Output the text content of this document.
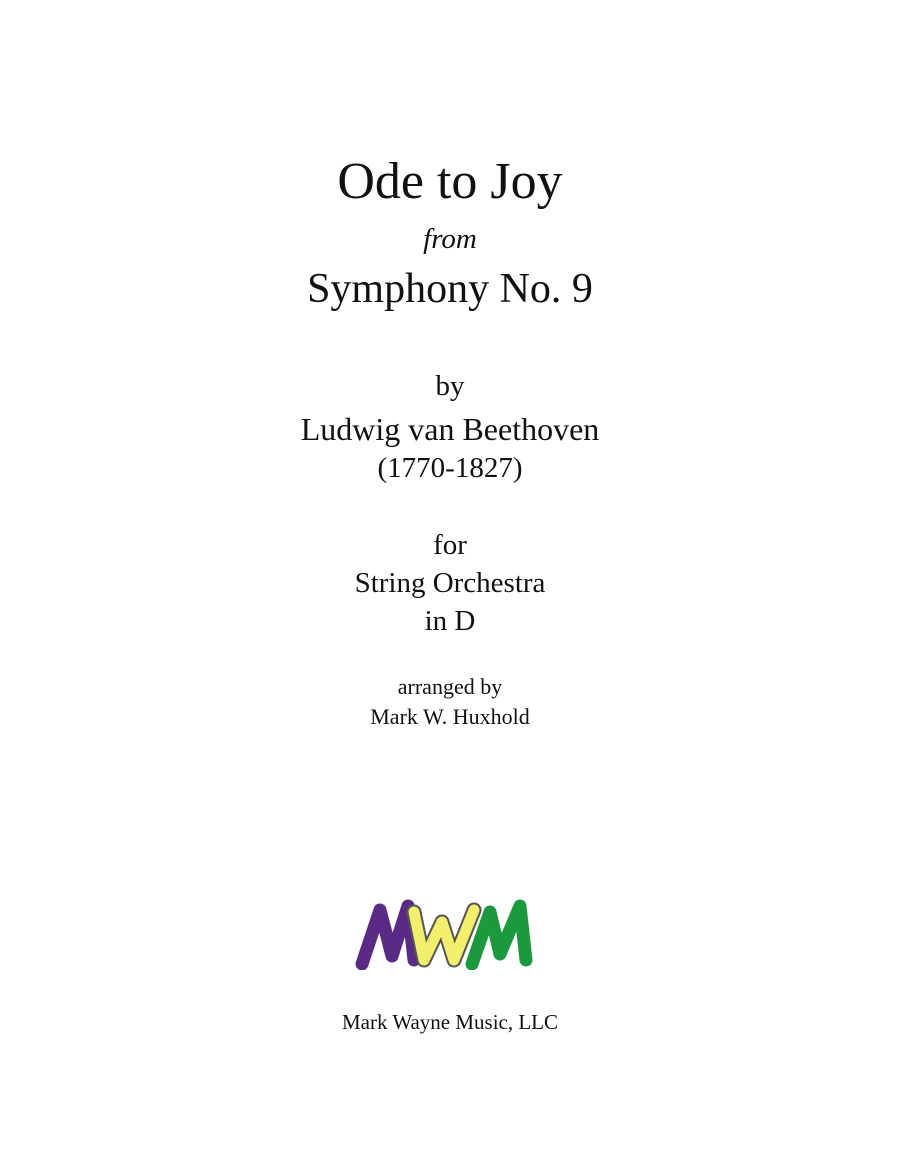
Ode to Joy
from
Symphony No. 9
by
Ludwig van Beethoven
(1770-1827)
for
String Orchestra
in D
arranged by
Mark W. Huxhold
Mark Wayne Music, LLC
